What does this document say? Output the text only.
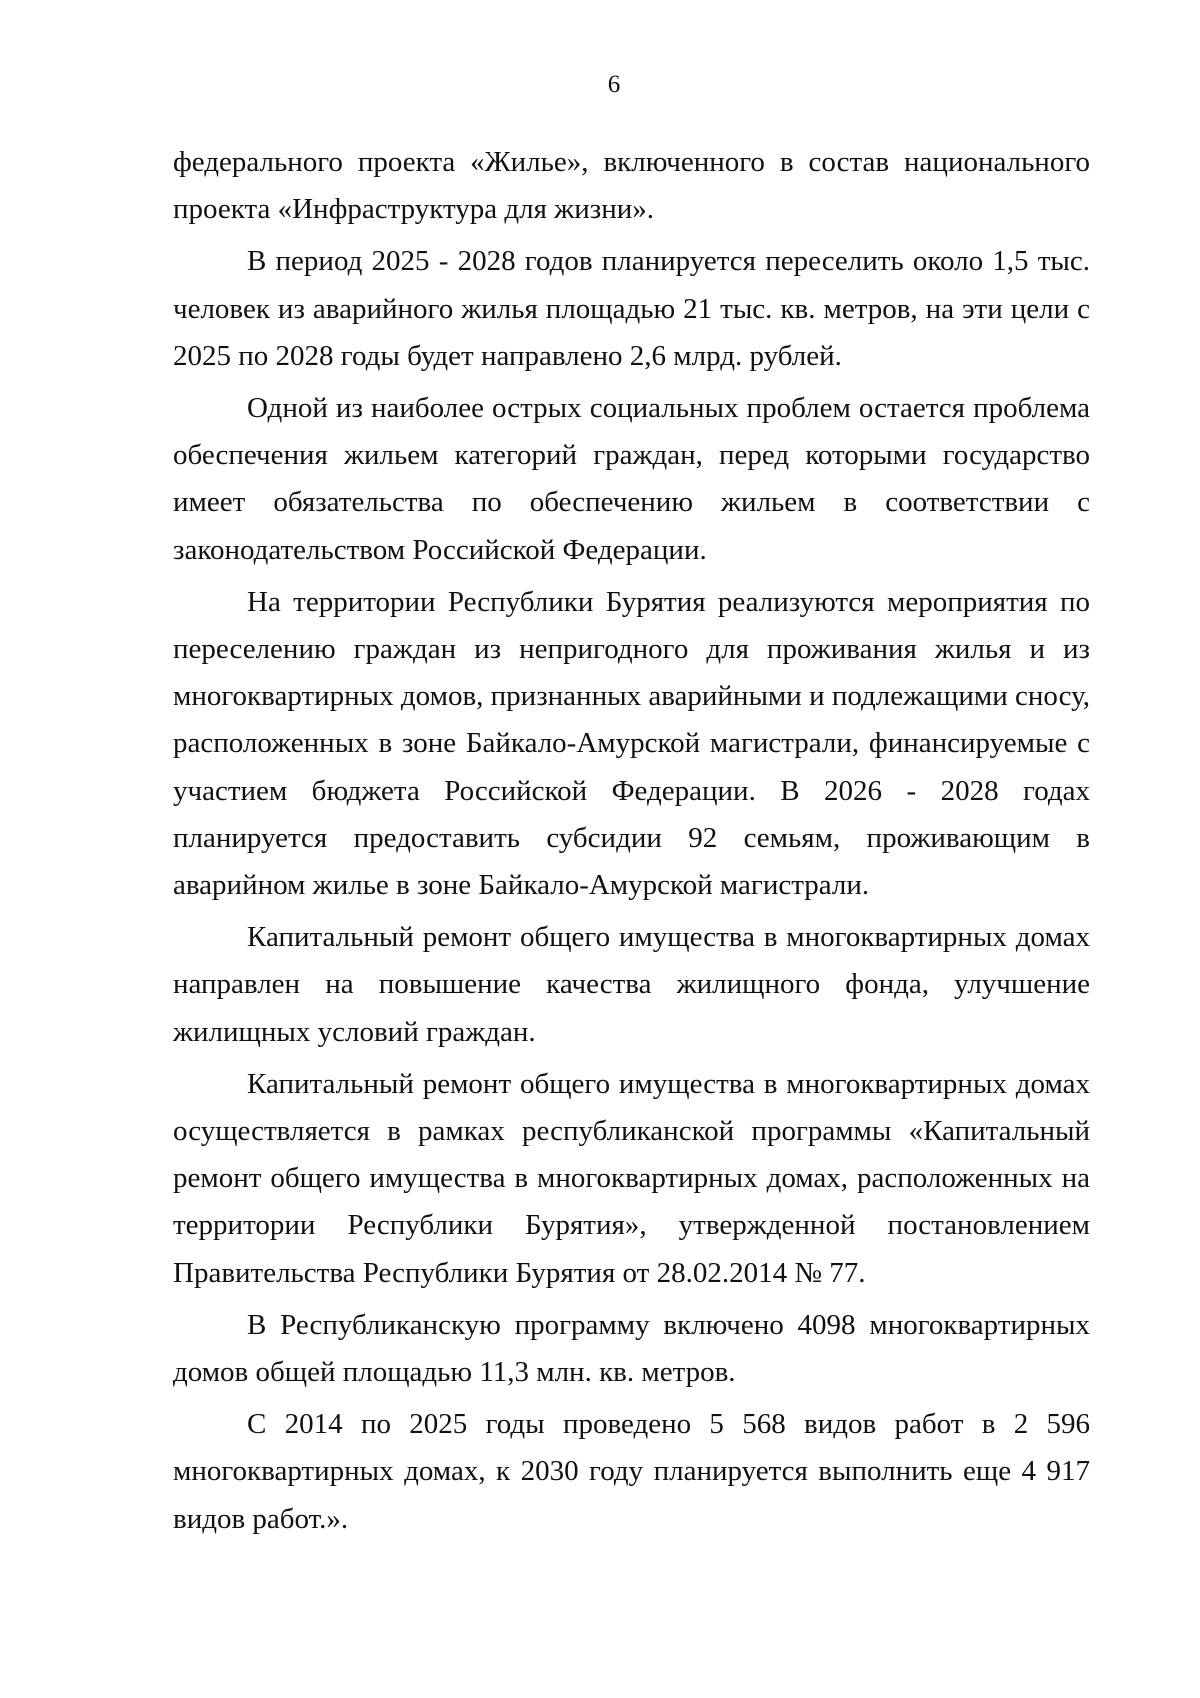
6

федерального проекта «Жилье», включенного в состав национального проекта «Инфраструктура для жизни».

В период 2025 - 2028 годов планируется переселить около 1,5 тыс. человек из аварийного жилья площадью 21 тыс. кв. метров, на эти цели с 2025 по 2028 годы будет направлено 2,6 млрд. рублей.

Одной из наиболее острых социальных проблем остается проблема обеспечения жильем категорий граждан, перед которыми государство имеет обязательства по обеспечению жильем в соответствии с законодательством Российской Федерации.

На территории Республики Бурятия реализуются мероприятия по переселению граждан из непригодного для проживания жилья и из многоквартирных домов, признанных аварийными и подлежащими сносу, расположенных в зоне Байкало-Амурской магистрали, финансируемые с участием бюджета Российской Федерации. В 2026 - 2028 годах планируется предоставить субсидии 92 семьям, проживающим в аварийном жилье в зоне Байкало-Амурской магистрали.

Капитальный ремонт общего имущества в многоквартирных домах направлен на повышение качества жилищного фонда, улучшение жилищных условий граждан.

Капитальный ремонт общего имущества в многоквартирных домах осуществляется в рамках республиканской программы «Капитальный ремонт общего имущества в многоквартирных домах, расположенных на территории Республики Бурятия», утвержденной постановлением Правительства Республики Бурятия от 28.02.2014 № 77.

В Республиканскую программу включено 4098 многоквартирных домов общей площадью 11,3 млн. кв. метров.

С 2014 по 2025 годы проведено 5 568 видов работ в 2 596 многоквартирных домах, к 2030 году планируется выполнить еще 4 917 видов работ.».
